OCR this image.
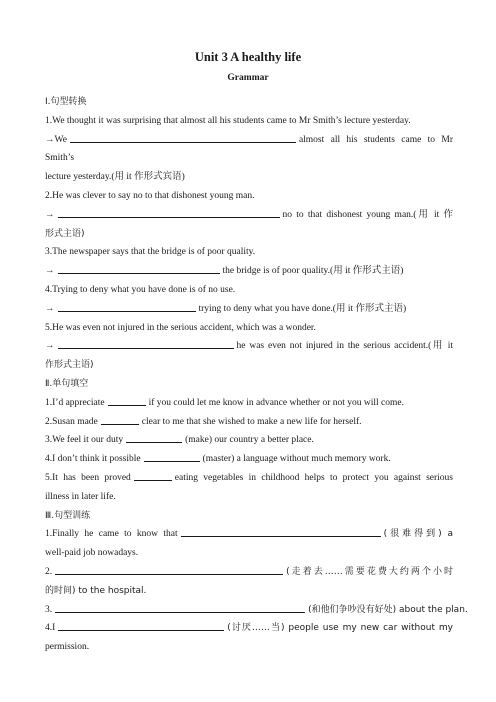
Unit 3 A healthy life
Grammar
Ⅰ.句型转换
1.We thought it was surprising that almost all his students came to Mr Smith’s lecture yesterday.
→We	almost all his students came to Mr Smith’s
lecture yesterday.(用 it 作形式宾语)
2.He was clever to say no to that dishonest young man.
→	no to that dishonest young man.(用 it 作
形式主语)
3.The newspaper says that the bridge is of poor quality.
→	the bridge is of poor quality.(用 it 作形式主语)
4.Trying to deny what you have done is of no use.
→	trying to deny what you have done.(用 it 作形式主语)
5.He was even not injured in the serious accident, which was a wonder.
→	he was even not injured in the serious accident.(用 it
作形式主语)
Ⅱ.单句填空
1.I’d appreciate	if you could let me know in advance whether or not you will come.
2.Susan made	clear to me that she wished to make a new life for herself.
3.We feel it our duty	(make) our country a better place.
4.I don’t think it possible	(master) a language without much memory work.
5.It has been proved	eating vegetables in childhood helps to protect you against serious
illness in later life.
Ⅲ.句型训练
1.Finally he came to know that	(很难得到) a
well-paid job nowadays.
2.	(走着去……需要花费大约两个小时
的时间) to the hospital.
3.	(和他们争吵没有好处) about the plan.
4.I	(讨厌……当) people use my new car without my
permission.
